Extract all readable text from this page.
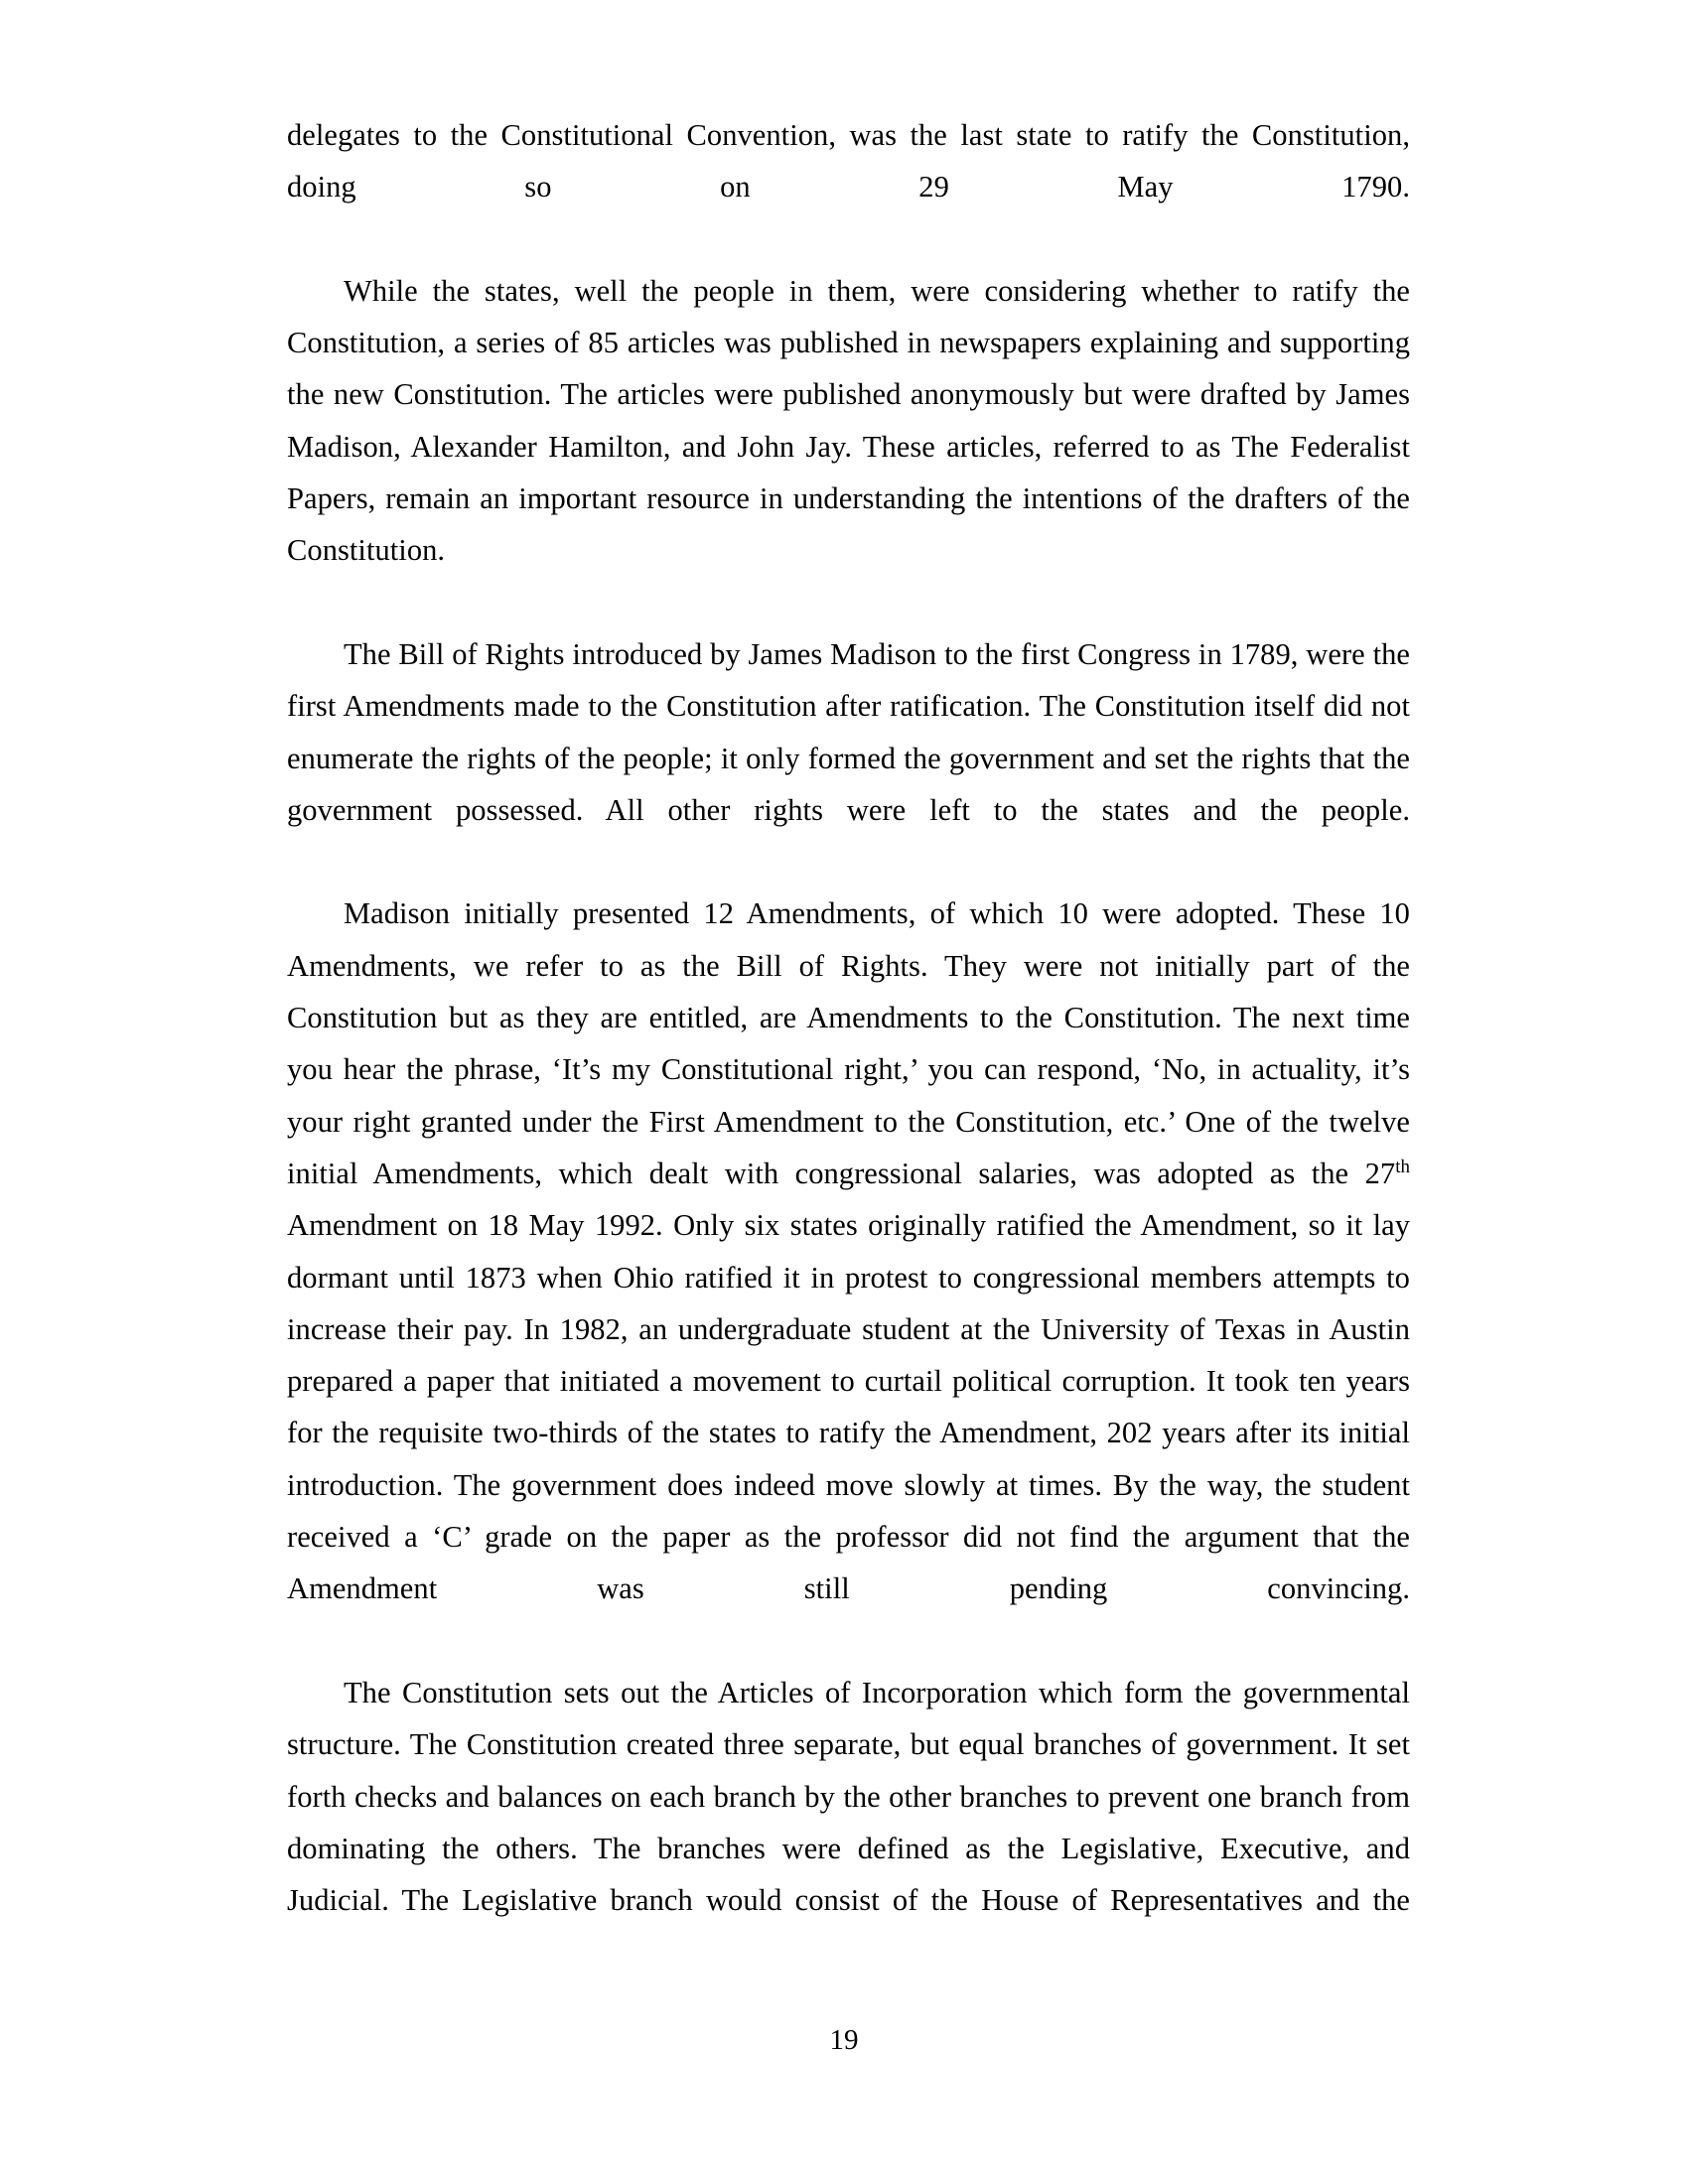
delegates to the Constitutional Convention, was the last state to ratify the Constitution, doing so on 29 May 1790.

While the states, well the people in them, were considering whether to ratify the Constitution, a series of 85 articles was published in newspapers explaining and supporting the new Constitution. The articles were published anonymously but were drafted by James Madison, Alexander Hamilton, and John Jay. These articles, referred to as The Federalist Papers, remain an important resource in understanding the intentions of the drafters of the Constitution.

The Bill of Rights introduced by James Madison to the first Congress in 1789, were the first Amendments made to the Constitution after ratification. The Constitution itself did not enumerate the rights of the people; it only formed the government and set the rights that the government possessed. All other rights were left to the states and the people.

Madison initially presented 12 Amendments, of which 10 were adopted. These 10 Amendments, we refer to as the Bill of Rights. They were not initially part of the Constitution but as they are entitled, are Amendments to the Constitution. The next time you hear the phrase, ‘It’s my Constitutional right,’ you can respond, ‘No, in actuality, it’s your right granted under the First Amendment to the Constitution, etc.’ One of the twelve initial Amendments, which dealt with congressional salaries, was adopted as the 27th Amendment on 18 May 1992. Only six states originally ratified the Amendment, so it lay dormant until 1873 when Ohio ratified it in protest to congressional members attempts to increase their pay. In 1982, an undergraduate student at the University of Texas in Austin prepared a paper that initiated a movement to curtail political corruption. It took ten years for the requisite two-thirds of the states to ratify the Amendment, 202 years after its initial introduction. The government does indeed move slowly at times. By the way, the student received a ‘C’ grade on the paper as the professor did not find the argument that the Amendment was still pending convincing.

The Constitution sets out the Articles of Incorporation which form the governmental structure. The Constitution created three separate, but equal branches of government. It set forth checks and balances on each branch by the other branches to prevent one branch from dominating the others. The branches were defined as the Legislative, Executive, and Judicial. The Legislative branch would consist of the House of Representatives and the

19
